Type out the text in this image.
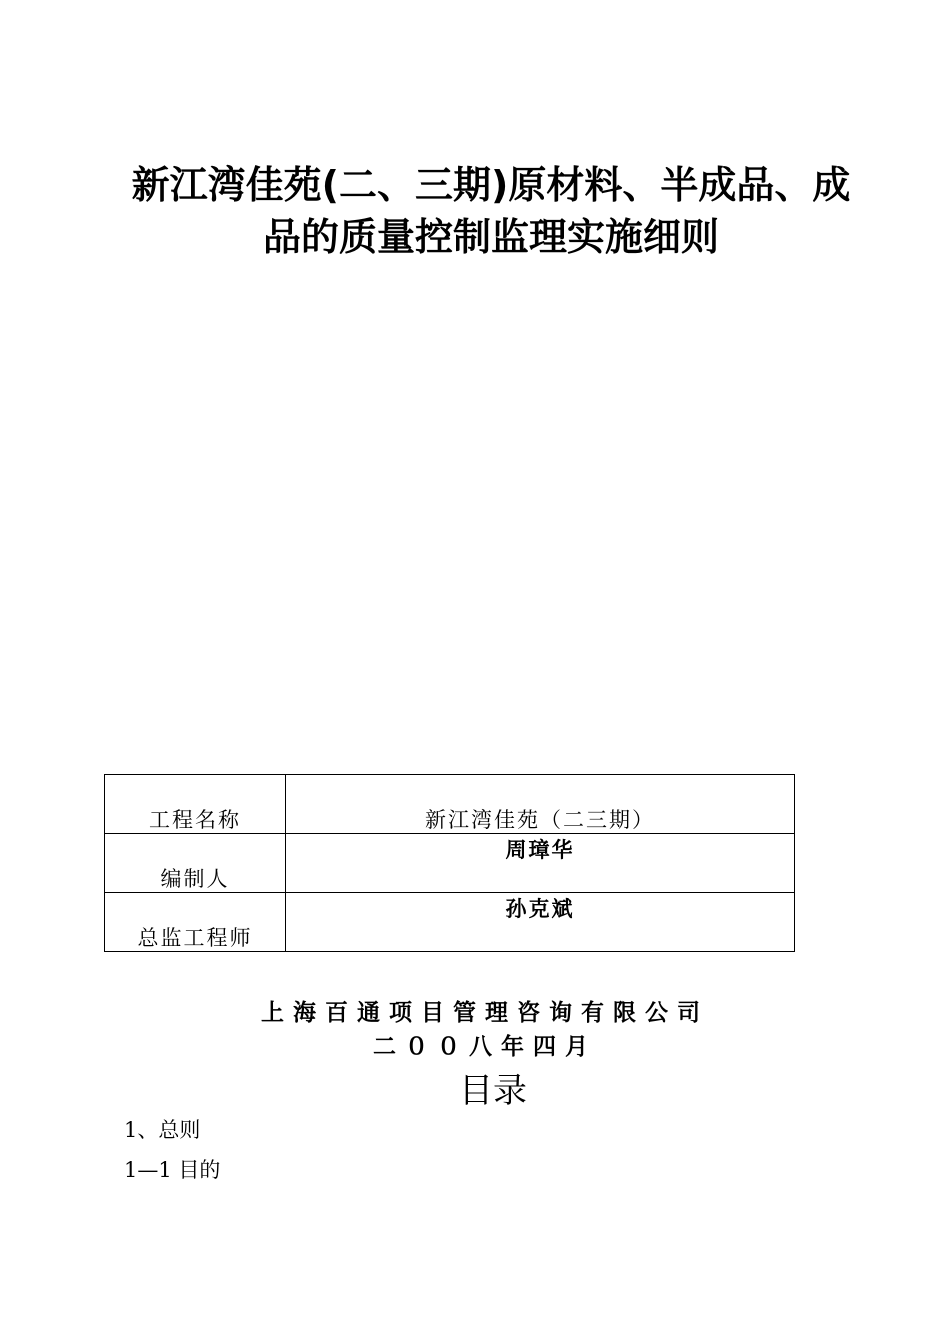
新江湾佳苑(二、三期)原材料、半成品、成
品的质量控制监理实施细则
工程名称	新江湾佳苑（二三期）
编制人	周璋华
总监工程师	孙克斌
上海百通项目管理咨询有限公司
二００八年四月
目录
1、总则
1—1 目的
